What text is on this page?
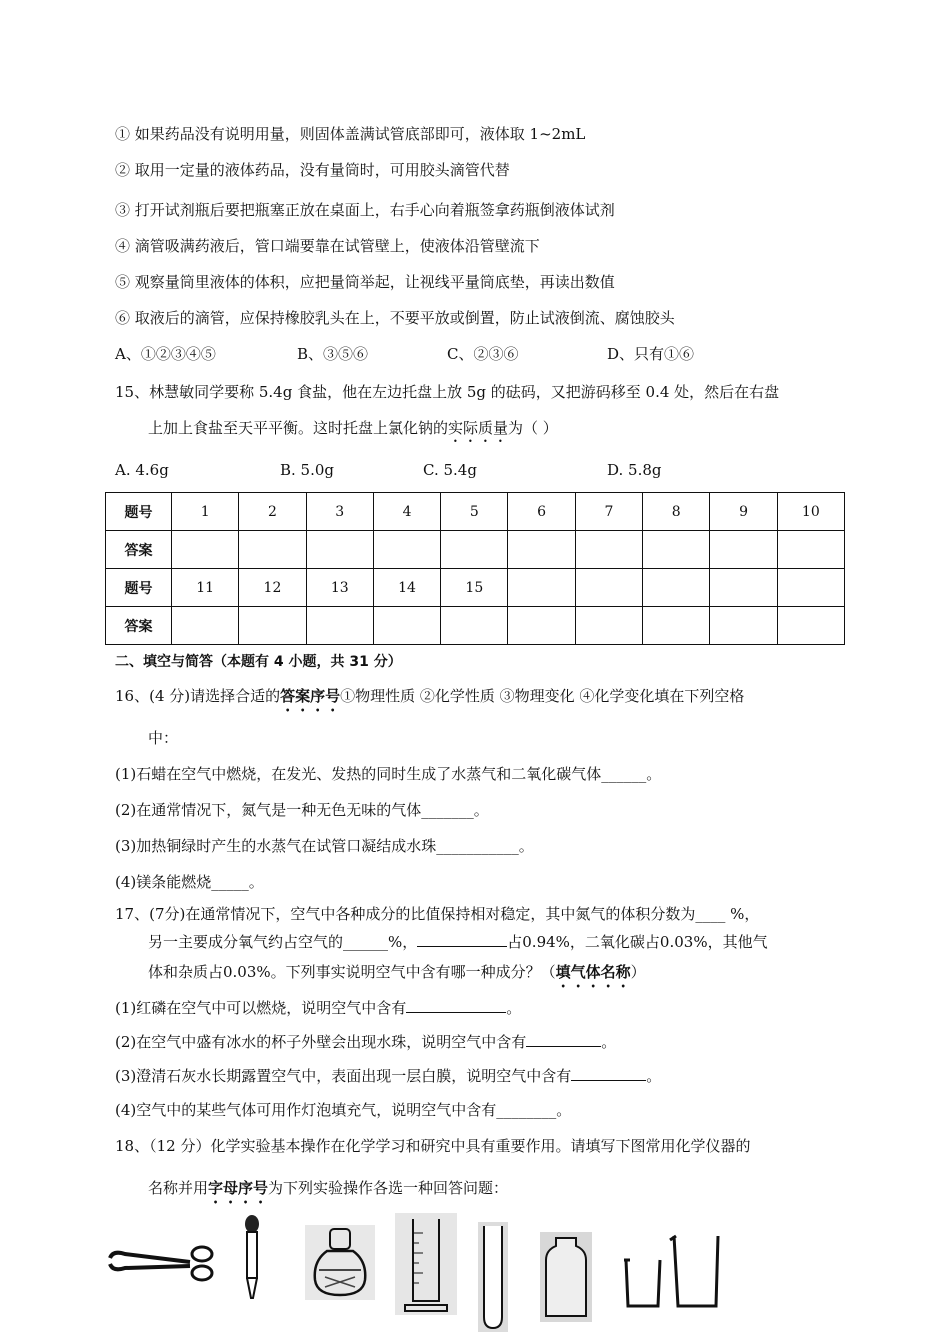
① 如果药品没有说明用量，则固体盖满试管底部即可，液体取 1~2mL
② 取用一定量的液体药品，没有量筒时，可用胶头滴管代替
③ 打开试剂瓶后要把瓶塞正放在桌面上，右手心向着瓶签拿药瓶倒液体试剂
④ 滴管吸满药液后，管口端要靠在试管壁上，使液体沿管壁流下
⑤ 观察量筒里液体的体积，应把量筒举起，让视线平量筒底垫，再读出数值
⑥ 取液后的滴管，应保持橡胶乳头在上，不要平放或倒置，防止试液倒流、腐蚀胶头
A、①②③④⑤	B、③⑤⑥	C、②③⑥	D、只有①⑥
15、林慧敏同学要称 5.4g 食盐，他在左边托盘上放 5g 的砝码，又把游码移至 0.4 处，然后在右盘
上加上食盐至天平平衡。这时托盘上氯化钠的实际质量为（ ）
A. 4.6g	B. 5.0g	C. 5.4g	D. 5.8g
题号	1	2	3	4	5	6	7	8	9	10
答案										
题号	11	12	13	14	15					
答案										
二、填空与简答（本题有 4 小题，共 31 分）
16、(4 分)请选择合适的答案序号①物理性质 ②化学性质 ③物理变化 ④化学变化填在下列空格
中：
(1)石蜡在空气中燃烧，在发光、发热的同时生成了水蒸气和二氧化碳气体______。
(2)在通常情况下，氮气是一种无色无味的气体_______。
(3)加热铜绿时产生的水蒸气在试管口凝结成水珠___________。
(4)镁条能燃烧_____。
17、(7分)在通常情况下，空气中各种成分的比值保持相对稳定，其中氮气的体积分数为____ %，
另一主要成分氧气约占空气的______%，	占0.94%，二氧化碳占0.03%，其他气
体和杂质占0.03%。下列事实说明空气中含有哪一种成分？（填气体名称）
(1)红磷在空气中可以燃烧，说明空气中含有	。
(2)在空气中盛有冰水的杯子外壁会出现水珠，说明空气中含有	。
(3)澄清石灰水长期露置空气中，表面出现一层白膜，说明空气中含有	。
(4)空气中的某些气体可用作灯泡填充气，说明空气中含有________。
18、（12 分）化学实验基本操作在化学学习和研究中具有重要作用。请填写下图常用化学仪器的
名称并用字母序号为下列实验操作各选一种回答问题：
